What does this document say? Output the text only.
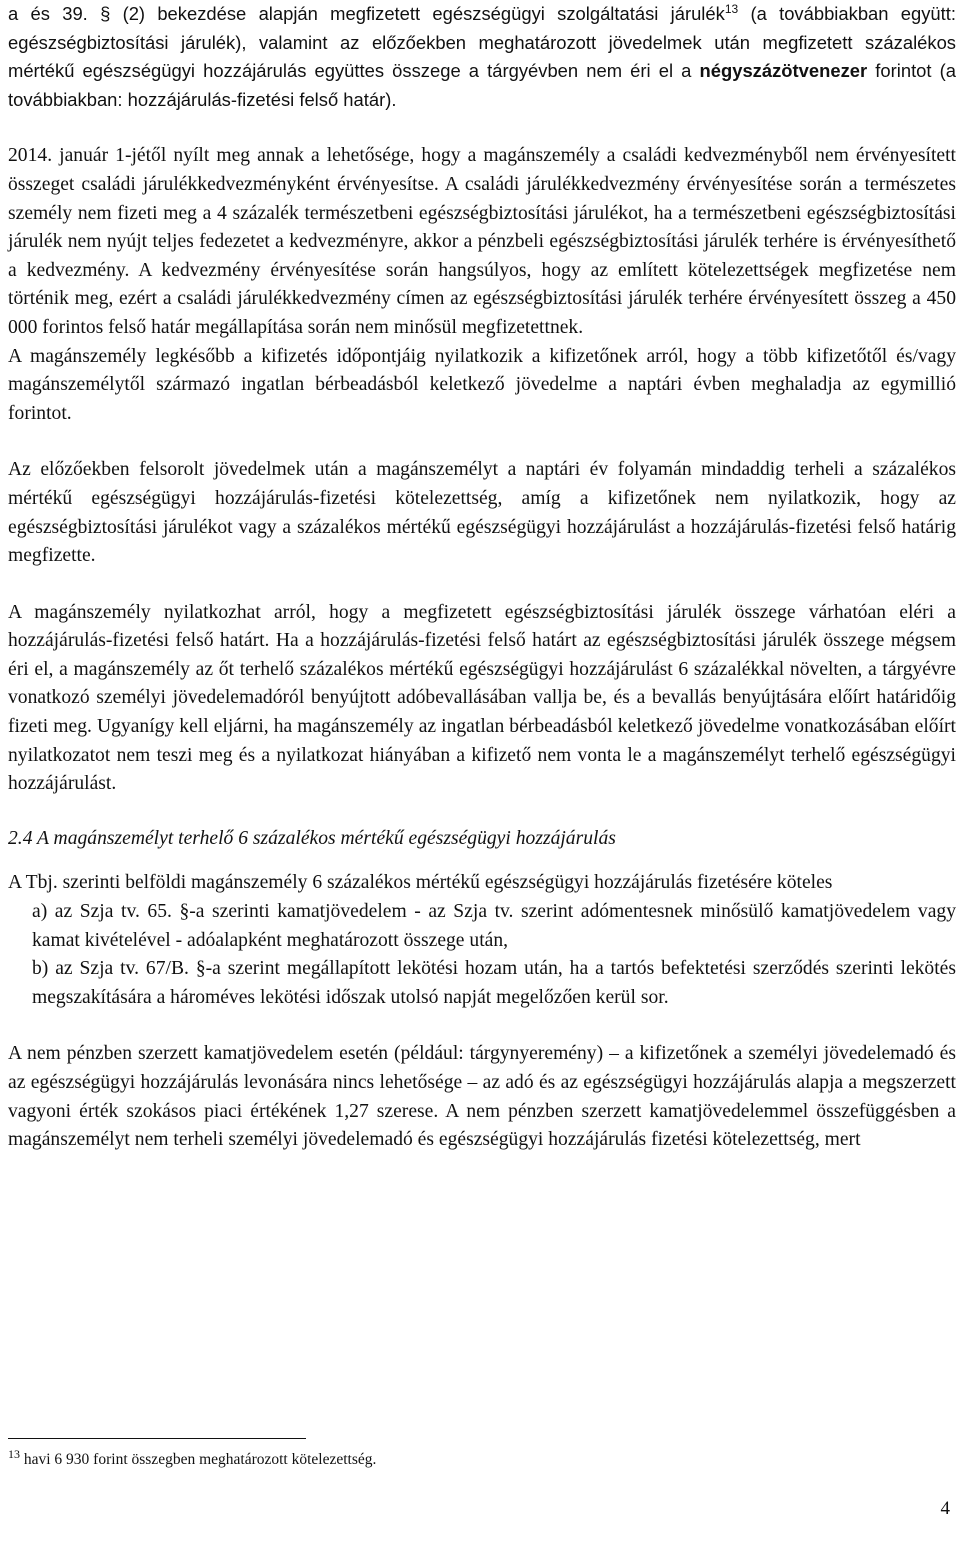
a és 39. § (2) bekezdése alapján megfizetett egészségügyi szolgáltatási járulék$^{13}$ (a továbbiakban együtt: egészségbiztosítási járulék), valamint az előzőekben meghatározott jövedelmek után megfizetett százalékos mértékű egészségügyi hozzájárulás együttes összege a tárgyévben nem éri el a négyszázötvenezer forintot (a továbbiakban: hozzájárulás-fizetési felső határ).

2014. január 1-jétől nyílt meg annak a lehetősége, hogy a magánszemély a családi kedvezményből nem érvényesített összeget családi járulékkedvezményként érvényesítse. A családi járulékkedvezmény érvényesítése során a természetes személy nem fizeti meg a 4 százalék természetbeni egészségbiztosítási járulékot, ha a természetbeni egészségbiztosítási járulék nem nyújt teljes fedezetet a kedvezményre, akkor a pénzbeli egészségbiztosítási járulék terhére is érvényesíthető a kedvezmény. A kedvezmény érvényesítése során hangsúlyos, hogy az említett kötelezettségek megfizetése nem történik meg, ezért a családi járulékkedvezmény címen az egészségbiztosítási járulék terhére érvényesített összeg a 450 000 forintos felső határ megállapítása során nem minősül megfizetettnek.

A magánszemély legkésőbb a kifizetés időpontjáig nyilatkozik a kifizetőnek arról, hogy a több kifizetőtől és/vagy magánszemélytől származó ingatlan bérbeadásból keletkező jövedelme a naptári évben meghaladja az egymillió forintot.

Az előzőekben felsorolt jövedelmek után a magánszemélyt a naptári év folyamán mindaddig terheli a százalékos mértékű egészségügyi hozzájárulás-fizetési kötelezettség, amíg a kifizetőnek nem nyilatkozik, hogy az egészségbiztosítási járulékot vagy a százalékos mértékű egészségügyi hozzájárulást a hozzájárulás-fizetési felső határig megfizette.

A magánszemély nyilatkozhat arról, hogy a megfizetett egészségbiztosítási járulék összege várhatóan eléri a hozzájárulás-fizetési felső határt. Ha a hozzájárulás-fizetési felső határt az egészségbiztosítási járulék összege mégsem éri el, a magánszemély az őt terhelő százalékos mértékű egészségügyi hozzájárulást 6 százalékkal növelten, a tárgyévre vonatkozó személyi jövedelemadóról benyújtott adóbevallásában vallja be, és a bevallás benyújtására előírt határidőig fizeti meg. Ugyanígy kell eljárni, ha magánszemély az ingatlan bérbeadásból keletkező jövedelme vonatkozásában előírt nyilatkozatot nem teszi meg és a nyilatkozat hiányában a kifizető nem vonta le a magánszemélyt terhelő egészségügyi hozzájárulást.

2.4 A magánszemélyt terhelő 6 százalékos mértékű egészségügyi hozzájárulás

A Tbj. szerinti belföldi magánszemély 6 százalékos mértékű egészségügyi hozzájárulás fizetésére köteles

a) az Szja tv. 65. §-a szerinti kamatjövedelem - az Szja tv. szerint adómentesnek minősülő kamatjövedelem vagy kamat kivételével - adóalapként meghatározott összege után,

b) az Szja tv. 67/B. §-a szerint megállapított lekötési hozam után, ha a tartós befektetési szerződés szerinti lekötés megszakítására a hároméves lekötési időszak utolsó napját megelőzően kerül sor.

A nem pénzben szerzett kamatjövedelem esetén (például: tárgynyeremény) – a kifizetőnek a személyi jövedelemadó és az egészségügyi hozzájárulás levonására nincs lehetősége – az adó és az egészségügyi hozzájárulás alapja a megszerzett vagyoni érték szokásos piaci értékének 1,27 szerese. A nem pénzben szerzett kamatjövedelemmel összefüggésben a magánszemélyt nem terheli személyi jövedelemadó és egészségügyi hozzájárulás fizetési kötelezettség, mert

$^{13}$ havi 6 930 forint összegben meghatározott kötelezettség.
4
